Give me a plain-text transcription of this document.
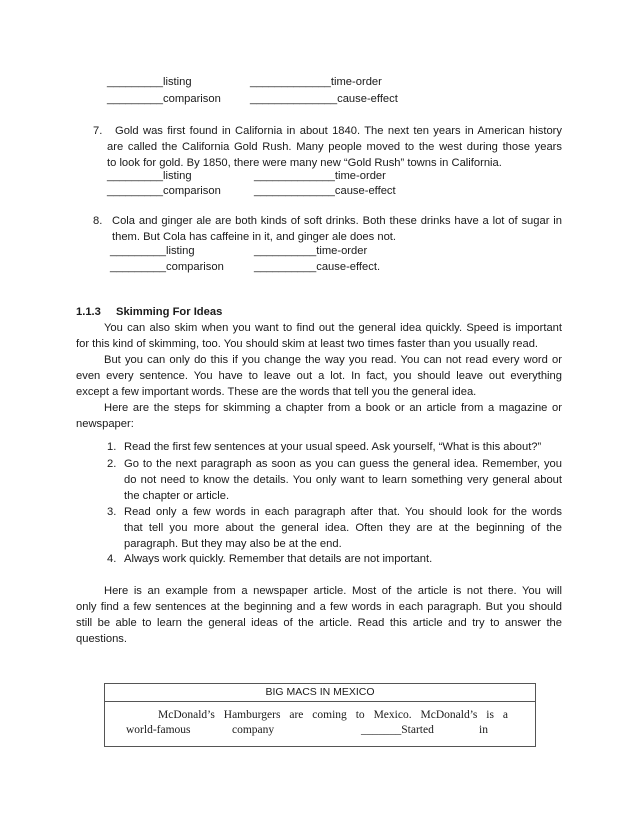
_________listing	_____________time-order
_________comparison	______________cause-effect
7. Gold was first found in California in about 1840. The next ten years in American history
are called the California Gold Rush. Many people moved to the west during those years
to look for gold. By 1850, there were many new “Gold Rush” towns in California.
_________listing	_____________time-order
_________comparison	_____________cause-effect
8. Cola and ginger ale are both kinds of soft drinks. Both these drinks have a lot of sugar in
them. But Cola has caffeine in it, and ginger ale does not.
_________listing	__________time-order
_________comparison	__________cause-effect.
1.1.3 Skimming For Ideas
You can also skim when you want to find out the general idea quickly. Speed is important
for this kind of skimming, too. You should skim at least two times faster than you usually read.
But you can only do this if you change the way you read. You can not read every word or
even every sentence. You have to leave out a lot. In fact, you should leave out everything
except a few important words. These are the words that tell you the general idea.
Here are the steps for skimming a chapter from a book or an article from a magazine or
newspaper:
1. Read the first few sentences at your usual speed. Ask yourself, “What is this about?”
2. Go to the next paragraph as soon as you can guess the general idea. Remember, you
do not need to know the details. You only want to learn something very general about
the chapter or article.
3. Read only a few words in each paragraph after that. You should look for the words
that tell you more about the general idea. Often they are at the beginning of the
paragraph. But they may also be at the end.
4. Always work quickly. Remember that details are not important.
Here is an example from a newspaper article. Most of the article is not there. You will
only find a few sentences at the beginning and a few words in each paragraph. But you should
still be able to learn the general ideas of the article. Read this article and try to answer the
questions.
BIG MACS IN MEXICO
McDonald’s Hamburgers are coming to Mexico. McDonald’s is a
world-famous	company	_______Started	in
